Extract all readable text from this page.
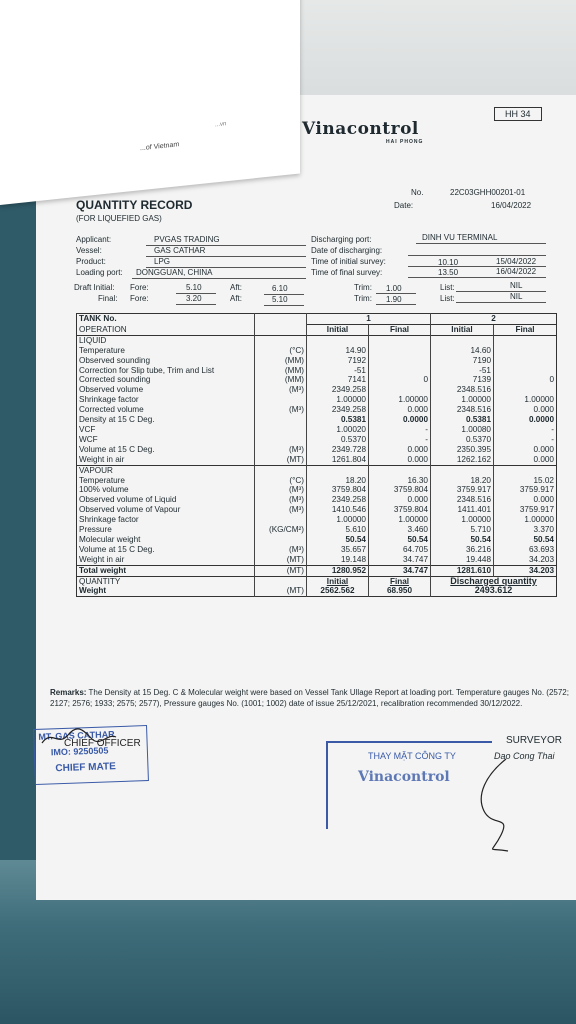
HH 34
Vinacontrol
HAI PHONG
No.	22C03GHH00201-01
Date:	16/04/2022
QUANTITY RECORD
(FOR LIQUEFIED GAS)
Applicant:	PVGAS TRADING
Vessel:	GAS CATHAR
Product:	LPG
Loading port: DONGGUAN, CHINA
Draft Initial: Fore:	5.10	Aft:	6.10
Final: Fore:	3.20	Aft:	5.10
Discharging port:	DINH VU TERMINAL
Date of discharging:
Time of initial survey:	10.10	15/04/2022
Time of final survey:	13.50	16/04/2022
Trim: 1.00
Trim: 1.90
List:	NIL
List:	NIL
TANK No.		1		2	
OPERATION		Initial	Final	Initial	Final
LIQUID					
Temperature	(°C)	14.90		14.60	
Observed sounding	(MM)	7192		7190	
Correction for Slip tube, Trim and List	(MM)	-51		-51	
Corrected sounding	(MM)	7141	0	7139	0
Observed volume	(M³)	2349.258		2348.516	
Shrinkage factor		1.00000	1.00000	1.00000	1.00000
Corrected volume	(M³)	2349.258	0.000	2348.516	0.000
Density at 15 C Deg.		0.5381	0.0000	0.5381	0.0000
VCF		1.00020	-	1.00080	-
WCF		0.5370	-	0.5370	-
Volume at 15 C Deg.	(M³)	2349.728	0.000	2350.395	0.000
Weight in air	(MT)	1261.804	0.000	1262.162	0.000
VAPOUR					
Temperature	(°C)	18.20	16.30	18.20	15.02
100% volume	(M³)	3759.804	3759.804	3759.917	3759.917
Observed volume of Liquid	(M³)	2349.258	0.000	2348.516	0.000
Observed volume of Vapour	(M³)	1410.546	3759.804	1411.401	3759.917
Shrinkage factor		1.00000	1.00000	1.00000	1.00000
Pressure	(KG/CM²)	5.610	3.460	5.710	3.370
Molecular weight		50.54	50.54	50.54	50.54
Volume at 15 C Deg.	(M³)	35.657	64.705	36.216	63.693
Weight in air	(MT)	19.148	34.747	19.448	34.203
Total weight	(MT)	1280.952	34.747	1281.610	34.203
QUANTITY		Initial	Final	Discharged quantity	
Weight	(MT)	2562.562	68.950	2493.612	
Remarks: The Density at 15 Deg. C & Molecular weight were based on Vessel Tank Ullage Report at loading port. Temperature gauges No. (2572; 2127; 2576; 1933; 2575; 2577), Pressure gauges No. (1001; 1002) date of issue 25/12/2021, recalibration recommended 30/12/2022.
MT. GAS CATHAR
IMO: 9250505
CHIEF MATE
CHIEF OFFICER	SURVEYOR
THAY MẶT CÔNG TY
Vinacontrol
Dao Cong Thai
...vn
...of Vietnam
